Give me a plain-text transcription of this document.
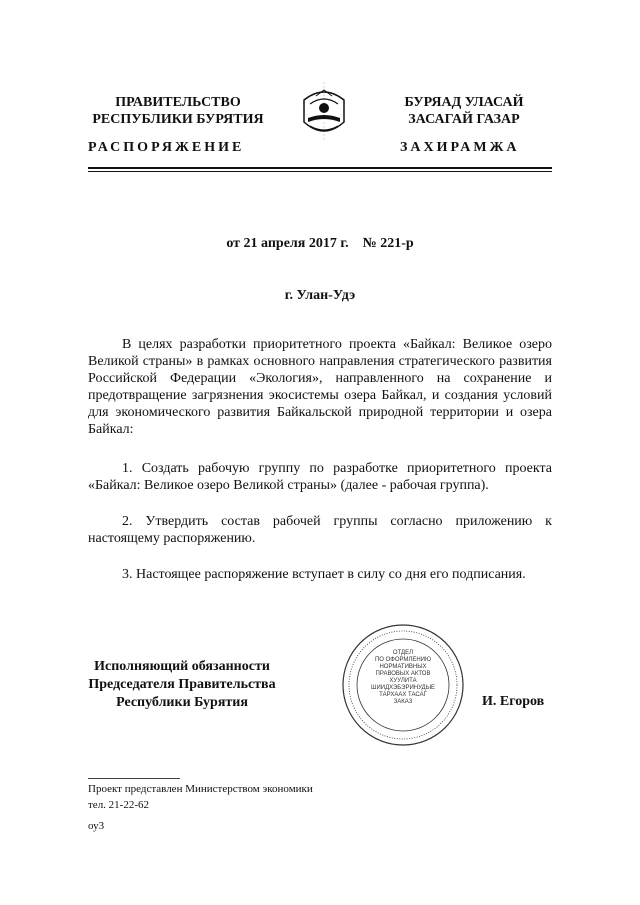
ПРАВИТЕЛЬСТВО
РЕСПУБЛИКИ БУРЯТИЯ
БУРЯАД УЛАСАЙ
ЗАСАГАЙ ГАЗАР
РАСПОРЯЖЕНИЕ	ЗАХИРАМЖА
от 21 апреля 2017 г.    № 221-р
г. Улан-Удэ
В целях разработки приоритетного проекта «Байкал: Великое озеро Великой страны» в рамках основного направления стратегического развития Российской Федерации «Экология», направленного на сохранение и предотвращение загрязнения экосистемы озера Байкал, и создания условий для экономического развития Байкальской природной территории и озера Байкал:
1. Создать рабочую группу по разработке приоритетного проекта «Байкал: Великое озеро Великой страны» (далее - рабочая группа).
2. Утвердить состав рабочей группы согласно приложению к настоящему распоряжению.
3. Настоящее распоряжение вступает в силу со дня его подписания.
Исполняющий обязанности
Председателя Правительства
Республики Бурятия
ОТДЕЛ
ПО ОФОРМЛЕНИЮ
НОРМАТИВНЫХ
ПРАВОВЫХ АКТОВ
ХУУЛИТА
ШИИДХЭБЭРИНУДЫЕ
ТАРХААХ ТАСАГ
ЗАКАЗ	И. Егоров
Проект представлен Министерством экономики
тел. 21-22-62
оу3
